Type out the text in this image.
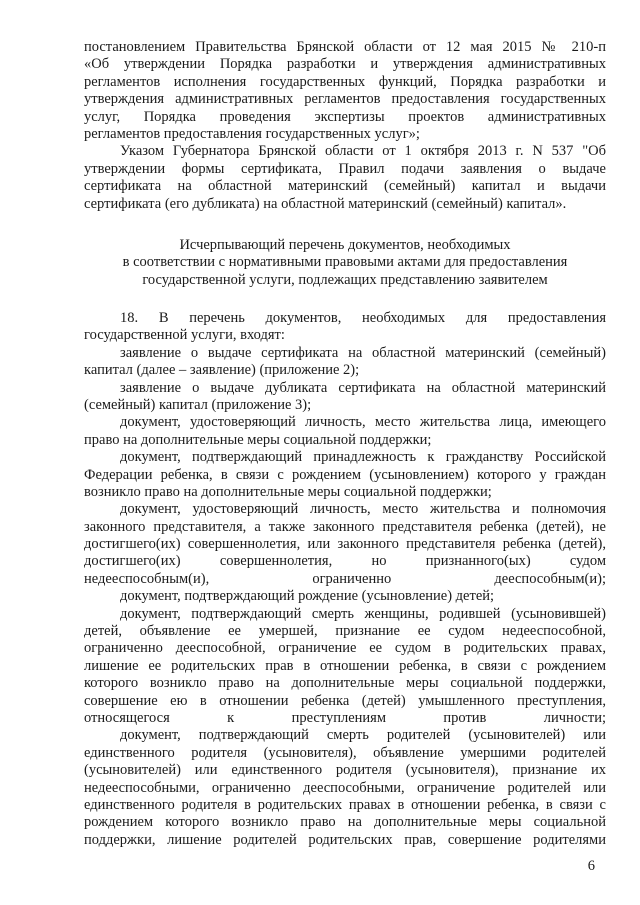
постановлением Правительства Брянской области от 12 мая 2015 № 210-п
«Об утверждении Порядка разработки и утверждения административных
регламентов исполнения государственных функций, Порядка разработки и
утверждения административных регламентов предоставления государственных
услуг, Порядка проведения экспертизы проектов административных
регламентов предоставления государственных услуг»;
Указом Губернатора Брянской области от 1 октября 2013 г. N 537 "Об
утверждении формы сертификата, Правил подачи заявления о выдаче
сертификата на областной материнский (семейный) капитал и выдачи
сертификата (его дубликата) на областной материнский (семейный) капитал».
Исчерпывающий перечень документов, необходимых
в соответствии с нормативными правовыми актами для предоставления
государственной услуги, подлежащих представлению заявителем
18. В перечень документов, необходимых для предоставления
государственной услуги, входят:
заявление о выдаче сертификата на областной материнский (семейный)
капитал (далее – заявление) (приложение 2);
заявление о выдаче дубликата сертификата на областной материнский
(семейный) капитал (приложение 3);
документ, удостоверяющий личность, место жительства лица, имеющего
право на дополнительные меры социальной поддержки;
документ, подтверждающий принадлежность к гражданству Российской
Федерации ребенка, в связи с рождением (усыновлением) которого у граждан
возникло право на дополнительные меры социальной поддержки;
документ, удостоверяющий личность, место жительства и полномочия
законного представителя, а также законного представителя ребенка (детей), не
достигшего(их) совершеннолетия, или законного представителя ребенка (детей),
достигшего(их) совершеннолетия, но признанного(ых) судом
недееспособным(и), ограниченно дееспособным(и);
документ, подтверждающий рождение (усыновление) детей;
документ, подтверждающий смерть женщины, родившей (усыновившей)
детей, объявление ее умершей, признание ее судом недееспособной,
ограниченно дееспособной, ограничение ее судом в родительских правах,
лишение ее родительских прав в отношении ребенка, в связи с рождением
которого возникло право на дополнительные меры социальной поддержки,
совершение ею в отношении ребенка (детей) умышленного преступления,
относящегося к преступлениям против личности;
документ, подтверждающий смерть родителей (усыновителей) или
единственного родителя (усыновителя), объявление умершими родителей
(усыновителей) или единственного родителя (усыновителя), признание их
недееспособными, ограниченно дееспособными, ограничение родителей или
единственного родителя в родительских правах в отношении ребенка, в связи с
рождением которого возникло право на дополнительные меры социальной
поддержки, лишение родителей родительских прав, совершение родителями
6
